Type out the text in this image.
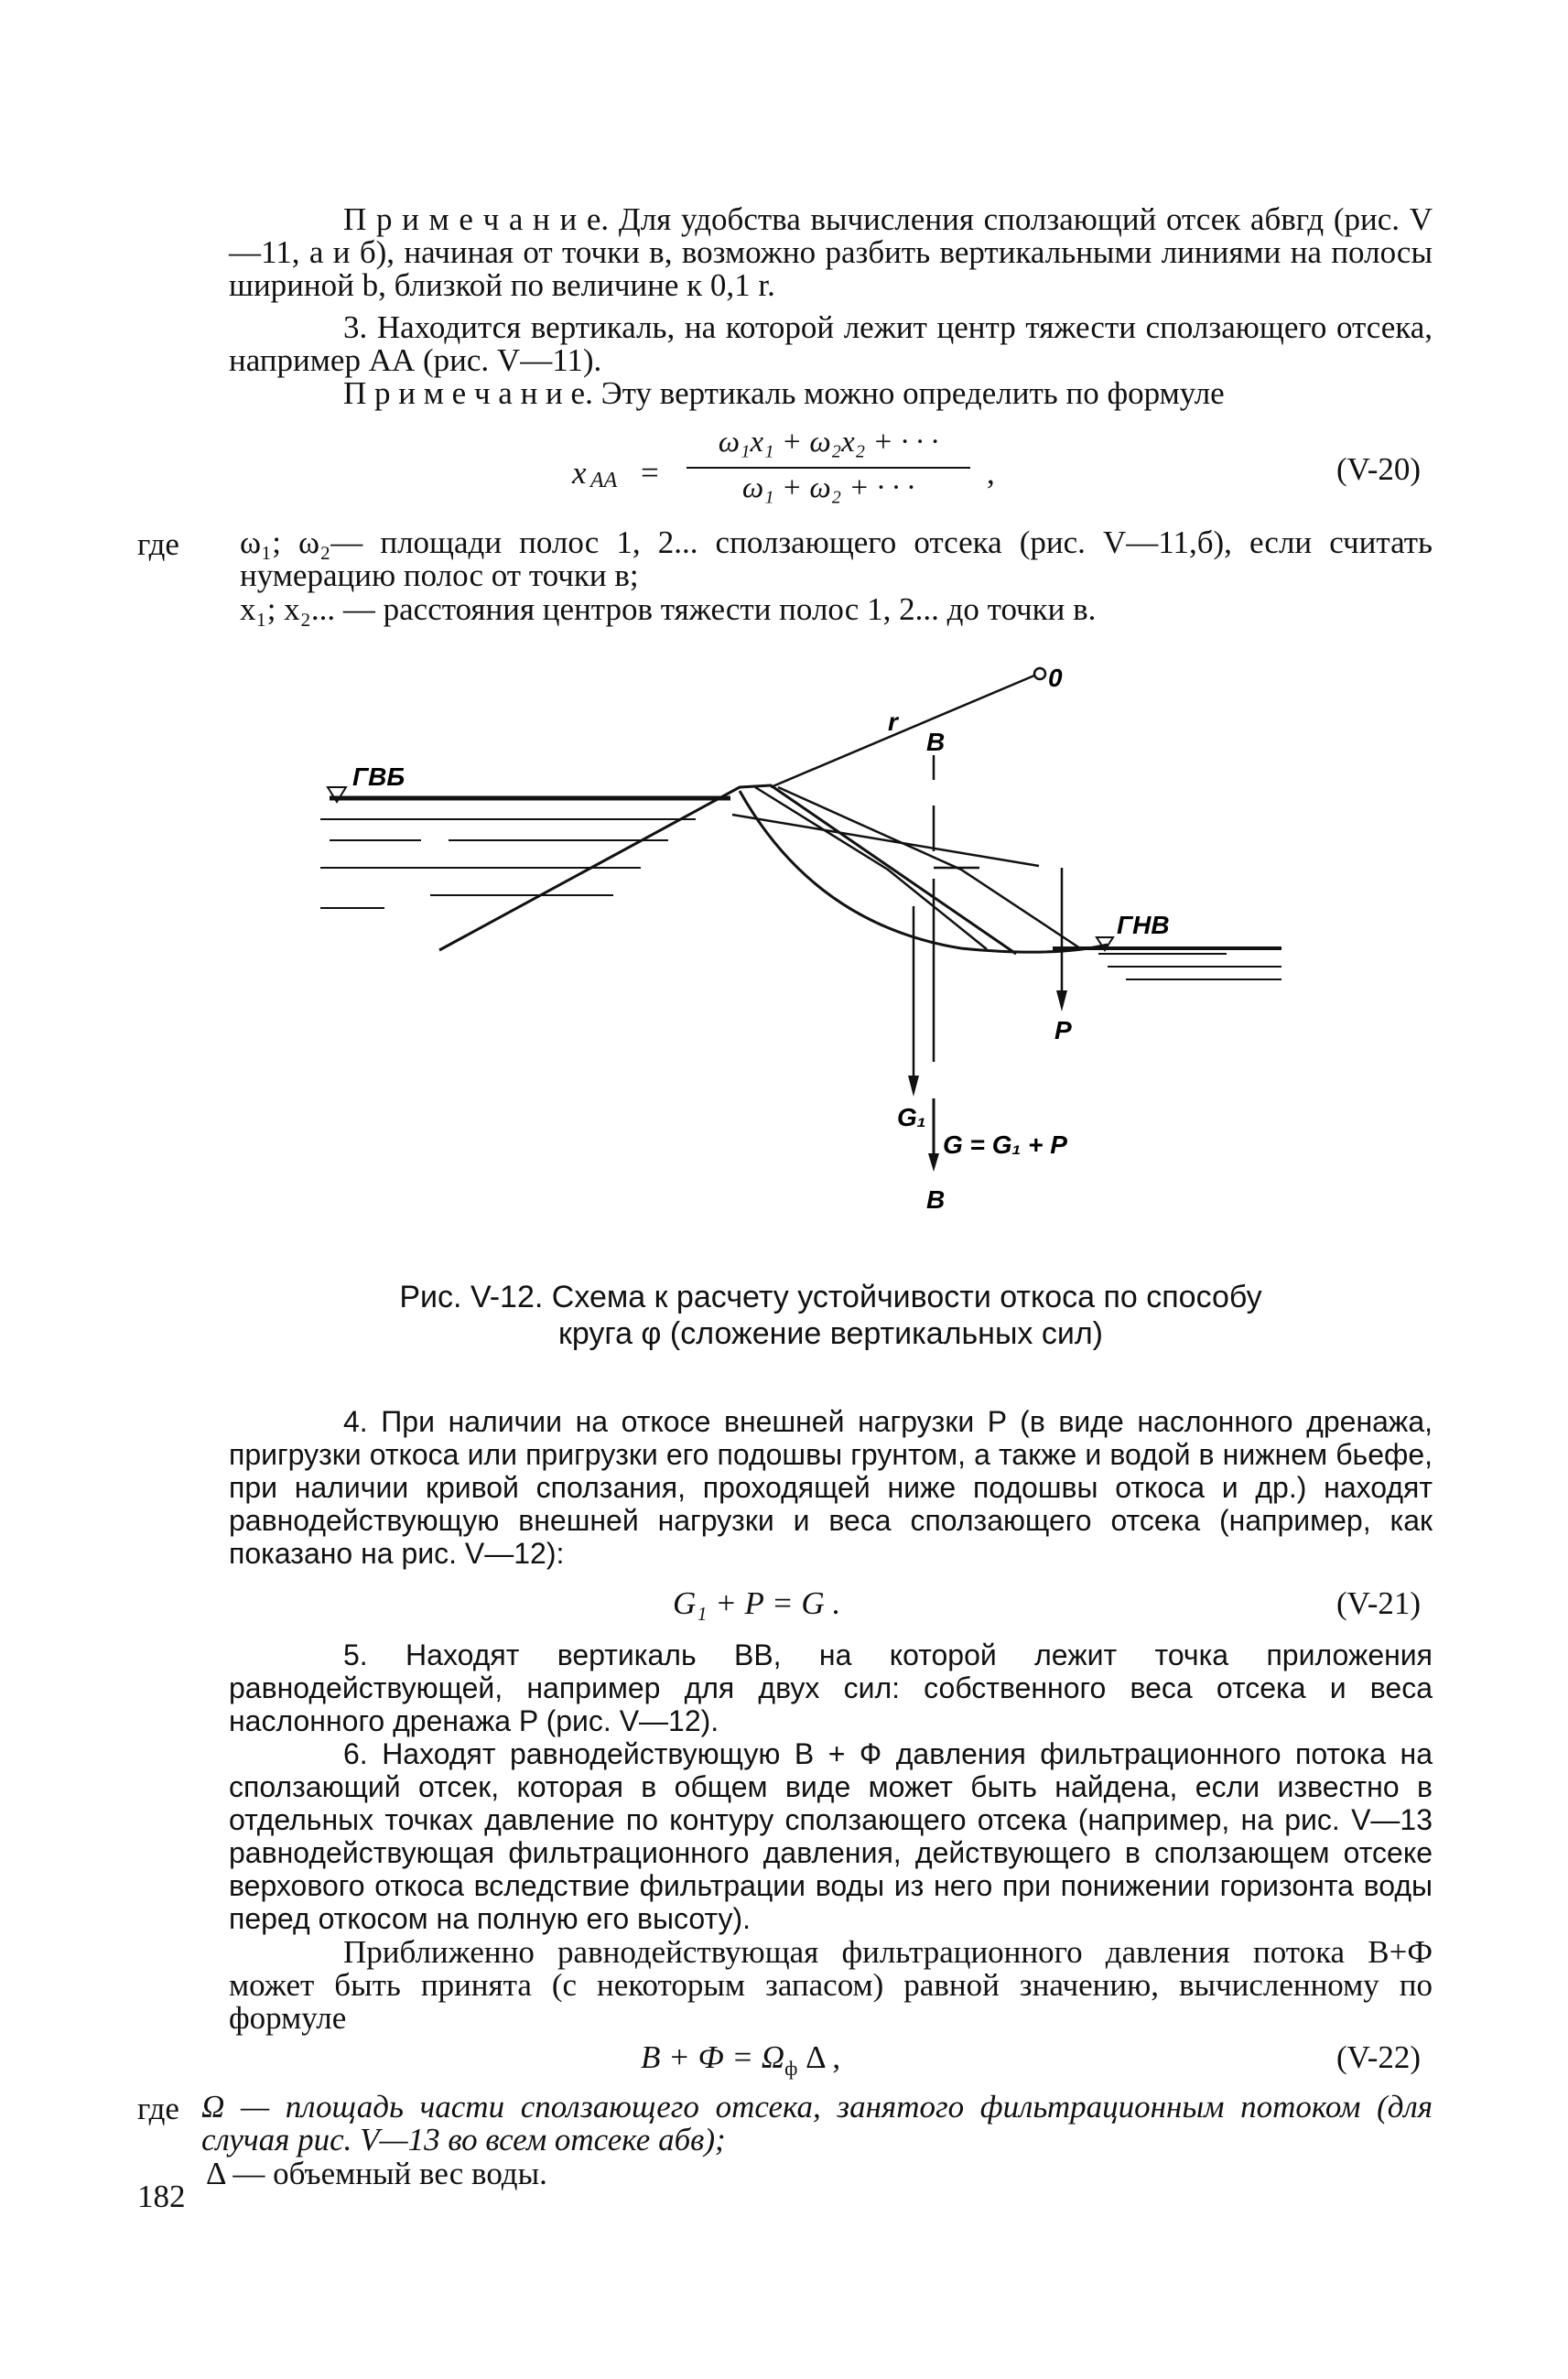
П р и м е ч а н и е. Для удобства вычисления сползающий отсек абвгд (рис. V—11, а и б), начиная от точки в, возможно разбить вертикальными линиями на полосы шириной b, близкой по величине к 0,1 r.
3. Находится вертикаль, на которой лежит центр тяжести сползающего отсека, например АА (рис. V—11).
П р и м е ч а н и е. Эту вертикаль можно определить по формуле
x AA =
ω₁x₁ + ω₂x₂ + · · ·
ω₁ + ω₂ + · · ·	,	(V-20)
где ω₁; ω₂— площади полос 1, 2... сползающего отсека (рис. V—11,б), если считать нумерацию полос от точки в;
x₁; x₂... — расстояния центров тяжести полос 1, 2... до точки в.
0
r
В
ГВБ
ГНВ
P
G₁
G = G₁ + P
В
Рис. V-12. Схема к расчету устойчивости откоса по способу
круга φ (сложение вертикальных сил)
4. При наличии на откосе внешней нагрузки P (в виде наслонного дренажа, пригрузки откоса или пригрузки его подошвы грунтом, а также и водой в нижнем бьефе, при наличии кривой сползания, проходящей ниже подошвы откоса и др.) находят равнодействующую внешней нагрузки и веса сползающего отсека (например, как показано на рис. V—12):
G₁ + P = G .	(V-21)
5. Находят вертикаль ВВ, на которой лежит точка приложения равнодействующей, например для двух сил: собственного веса отсека и веса наслонного дренажа P (рис. V—12).
6. Находят равнодействующую В + Ф давления фильтрационного потока на сползающий отсек, которая в общем виде может быть найдена, если известно в отдельных точках давление по контуру сползающего отсека (например, на рис. V—13 равнодействующая фильтрационного давления, действующего в сползающем отсеке верхового откоса вследствие фильтрации воды из него при понижении горизонта воды перед откосом на полную его высоту).
Приближенно равнодействующая фильтрационного давления потока В+Ф может быть принята (с некоторым запасом) равной значению, вычисленному по формуле
$В + Ф = \Omega_ф$ Δ ,	(V-22)
где Ω — площадь части сползающего отсека, занятого фильтрационным потоком (для случая рис. V—13 во всем отсеке абв);
Δ — объемный вес воды.
182
